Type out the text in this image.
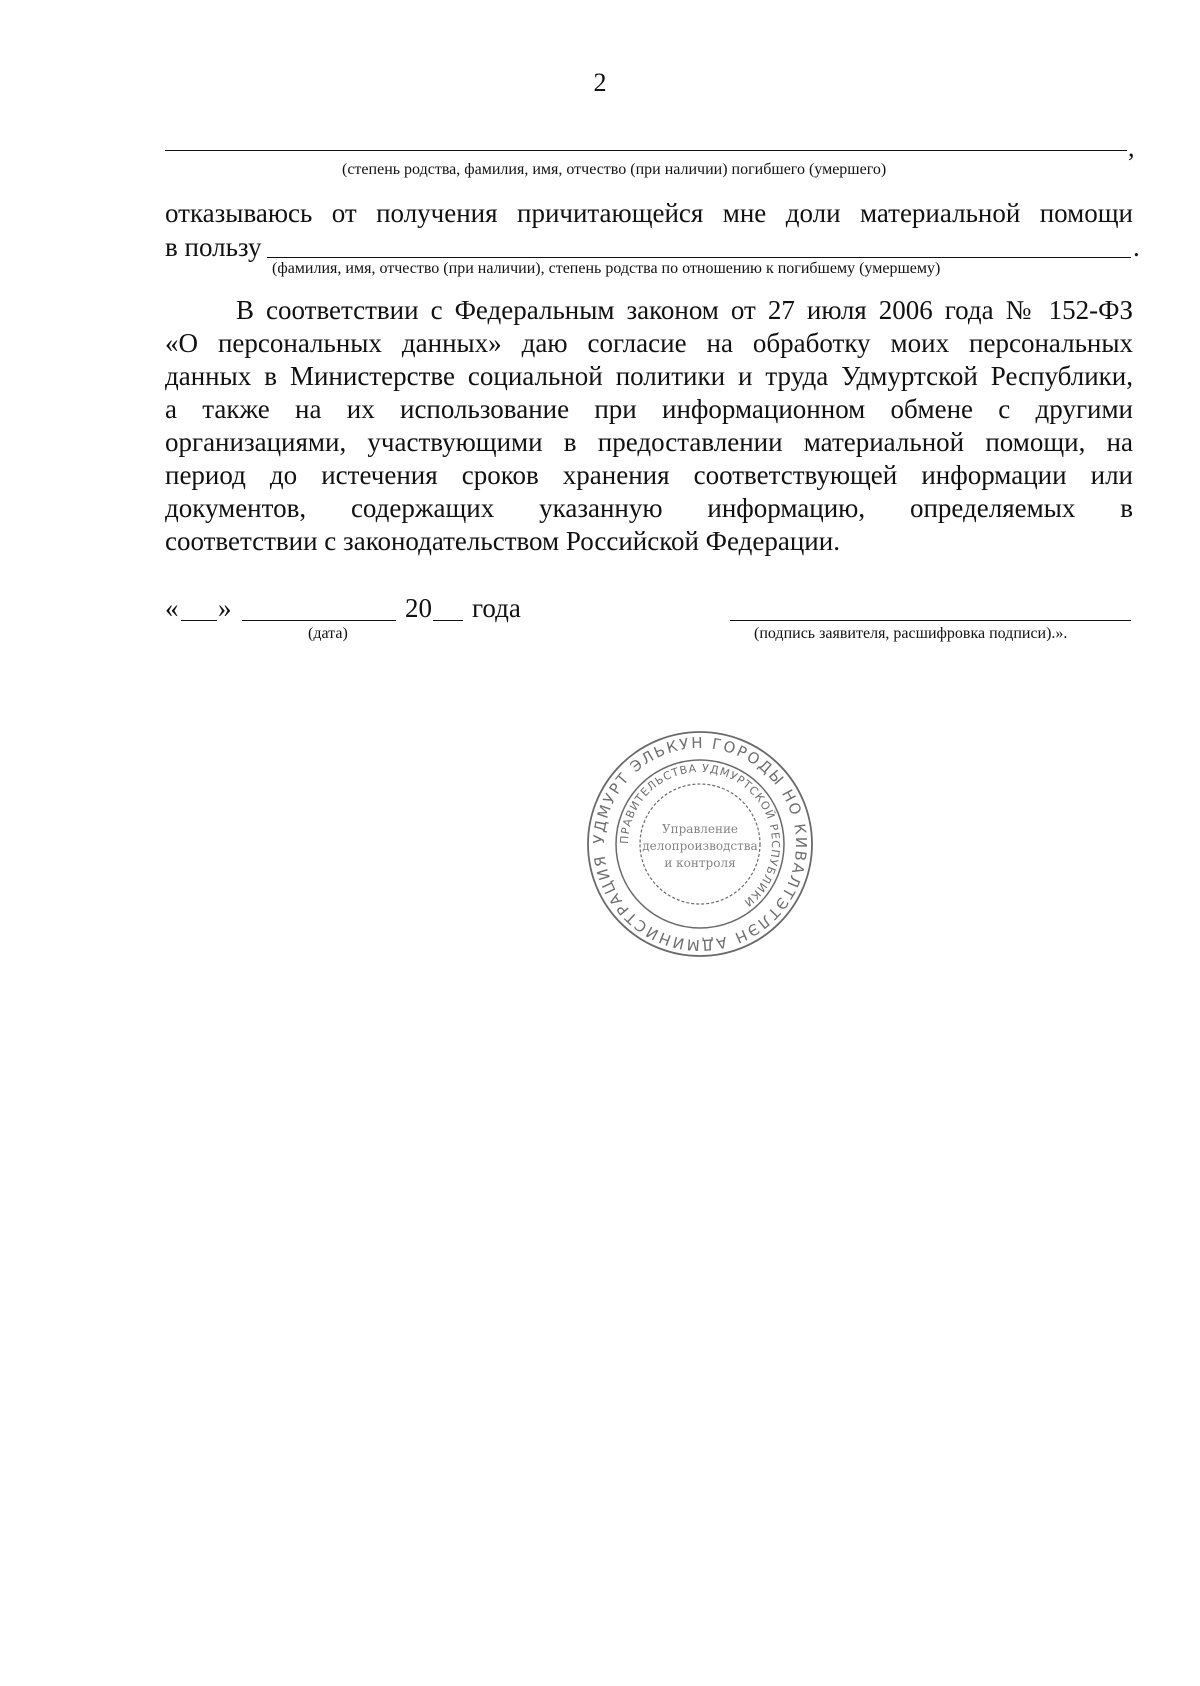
2
,
(степень родства, фамилия, имя, отчество (при наличии) погибшего (умершего)
отказываюсь от получения причитающейся мне доли материальной помощи
в пользу	.
(фамилия, имя, отчество (при наличии), степень родства по отношению к погибшему (умершему)
В соответствии с Федеральным законом от 27 июля 2006 года № 152-ФЗ
«О персональных данных» даю согласие на обработку моих персональных
данных в Министерстве социальной политики и труда Удмуртской Республики,
а также на их использование при информационном обмене с другими
организациями, участвующими в предоставлении материальной помощи, на
период до истечения сроков хранения соответствующей информации или
документов, содержащих указанную информацию, определяемых в
соответствии с законодательством Российской Федерации.
« »	20 года
(дата)	(подпись заявителя, расшифровка подписи).».
УДМУРТ ЭЛЬКУН ГОРОДЫ НО КИВАЛТЭТЛЭН АДМИНИСТРАЦИЯ
ПРАВИТЕЛЬСТВА УДМУРТСКОЙ РЕСПУБЛИКИ
Управление
делопроизводства
и контроля
